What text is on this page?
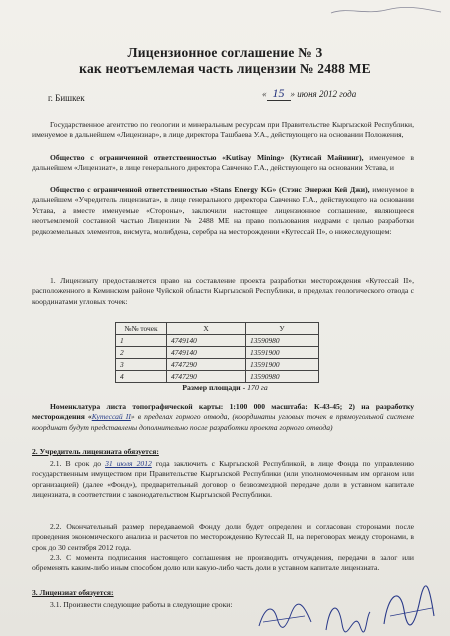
Лицензионное соглашение № 3
как неотъемлемая часть лицензии № 2488 МЕ
г. Бишкек	« 15 » июня 2012 года
Государственное агентство по геологии и минеральным ресурсам при Правительстве Кыргызской Республики, именуемое в дальнейшем «Лицензиар», в лице директора Ташбаева У.А., действующего на основании Положения,
Общество с ограниченной ответственностью «Kutisay Mining» (Кутисай Майнинг), именуемое в дальнейшем «Лицензиат», в лице генерального директора Савченко Г.А., действующего на основании Устава, и
Общество с ограниченной ответственностью «Stans Energy KG» (Стэнс Энержи Кей Джи), именуемое в дальнейшем «Учредитель лицензиата», в лице генерального директора Савченко Г.А., действующего на основании Устава, а вместе именуемые «Стороны», заключили настоящее лицензионное соглашение, являющееся неотъемлемой составной частью Лицензии № 2488 МЕ на право пользования недрами с целью разработки редкоземельных элементов, висмута, молибдена, серебра на месторождении «Кутессай II», о нижеследующем:
1. Лицензиату предоставляется право на составление проекта разработки месторождения «Кутессай II», расположенного в Кеминском районе Чуйской области Кыргызской Республики, в пределах геологического отвода с координатами угловых точек:
№№ точек	X	У
1	4749140	13590980
2	4749140	13591900
3	4747290	13591900
4	4747290	13590980
Размер площади - 170 га
Номенклатура листа топографической карты: 1:100 000 масштаба: К-43-45; 2) на разработку месторождения «Кутессай II» в пределах горного отвода, (координаты угловых точек в прямоугольной системе координат будут представлены дополнительно после разработки проекта горного отвода)
2. Учредитель лицензиата обязуется:
2.1. В срок до 31 июля 2012 года заключить с Кыргызской Республикой, в лице Фонда по управлению государственным имуществом при Правительстве Кыргызской Республики (или уполномоченным им органом или организацией) (далее «Фонд»), предварительный договор о безвозмездной передаче доли в уставном капитале лицензиата, в соответствии с законодательством Кыргызской Республики.
2.2. Окончательный размер передаваемой Фонду доли будет определен и согласован сторонами после проведения экономического анализа и расчетов по месторождению Кутессай II, на переговорах между сторонами, в срок до 30 сентября 2012 года.
2.3. С момента подписания настоящего соглашения не производить отчуждения, передачи в залог или обременять каким-либо иным способом долю или какую-либо часть доли в уставном капитале лицензиата.
3. Лицензиат обязуется:
3.1. Произвести следующие работы в следующие сроки:
